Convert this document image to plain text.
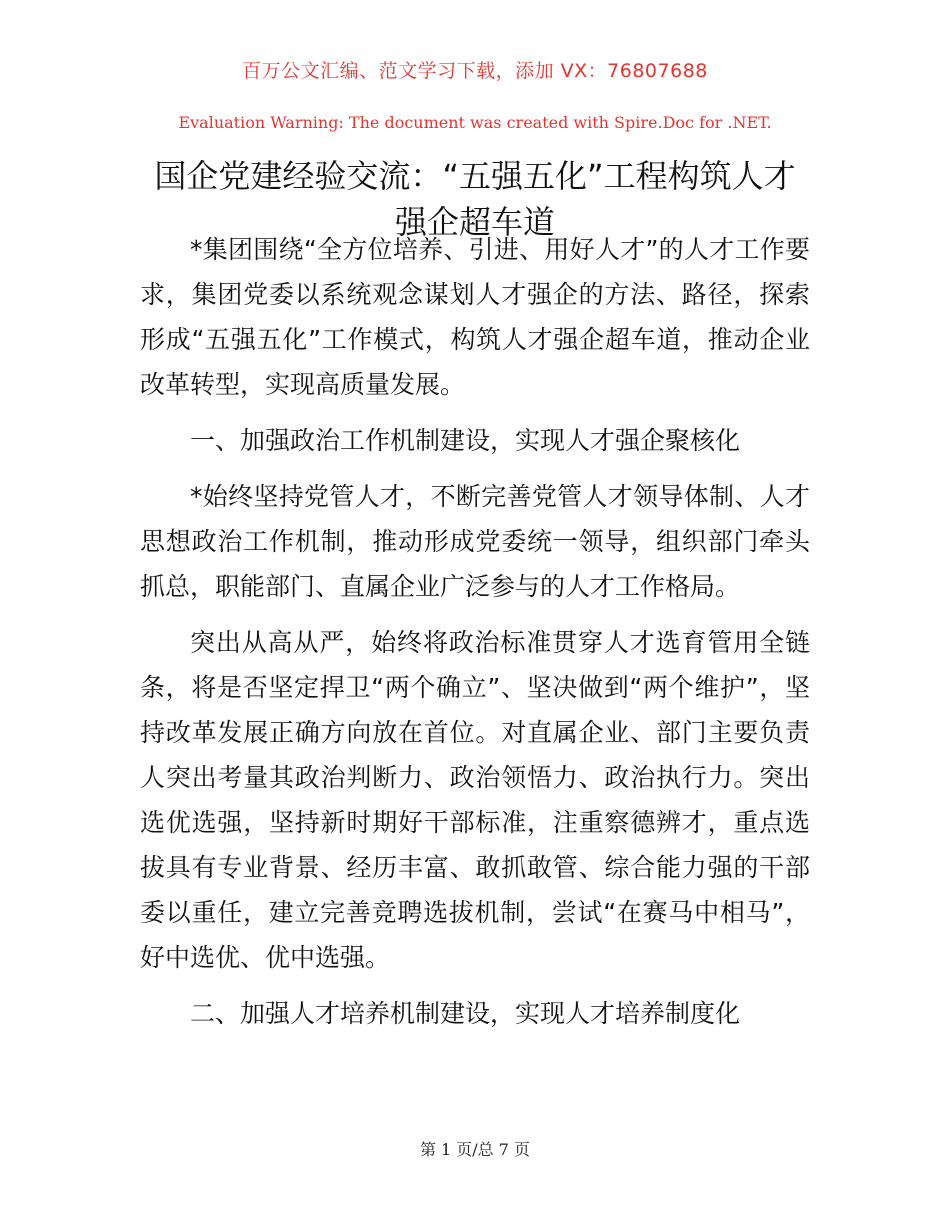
百万公文汇编、范文学习下载，添加 VX：76807688
Evaluation Warning: The document was created with Spire.Doc for .NET.
国企党建经验交流：“五强五化”工程构筑人才强企超车道

*集团围绕“全方位培养、引进、用好人才”的人才工作要求，集团党委以系统观念谋划人才强企的方法、路径，探索形成“五强五化”工作模式，构筑人才强企超车道，推动企业改革转型，实现高质量发展。

一、加强政治工作机制建设，实现人才强企聚核化

*始终坚持党管人才，不断完善党管人才领导体制、人才思想政治工作机制，推动形成党委统一领导，组织部门牵头抓总，职能部门、直属企业广泛参与的人才工作格局。

突出从高从严，始终将政治标准贯穿人才选育管用全链条，将是否坚定捍卫“两个确立”、坚决做到“两个维护”，坚持改革发展正确方向放在首位。对直属企业、部门主要负责人突出考量其政治判断力、政治领悟力、政治执行力。突出选优选强，坚持新时期好干部标准，注重察德辨才，重点选拔具有专业背景、经历丰富、敢抓敢管、综合能力强的干部委以重任，建立完善竞聘选拔机制，尝试“在赛马中相马”，好中选优、优中选强。

二、加强人才培养机制建设，实现人才培养制度化

第 1 页/总 7 页
